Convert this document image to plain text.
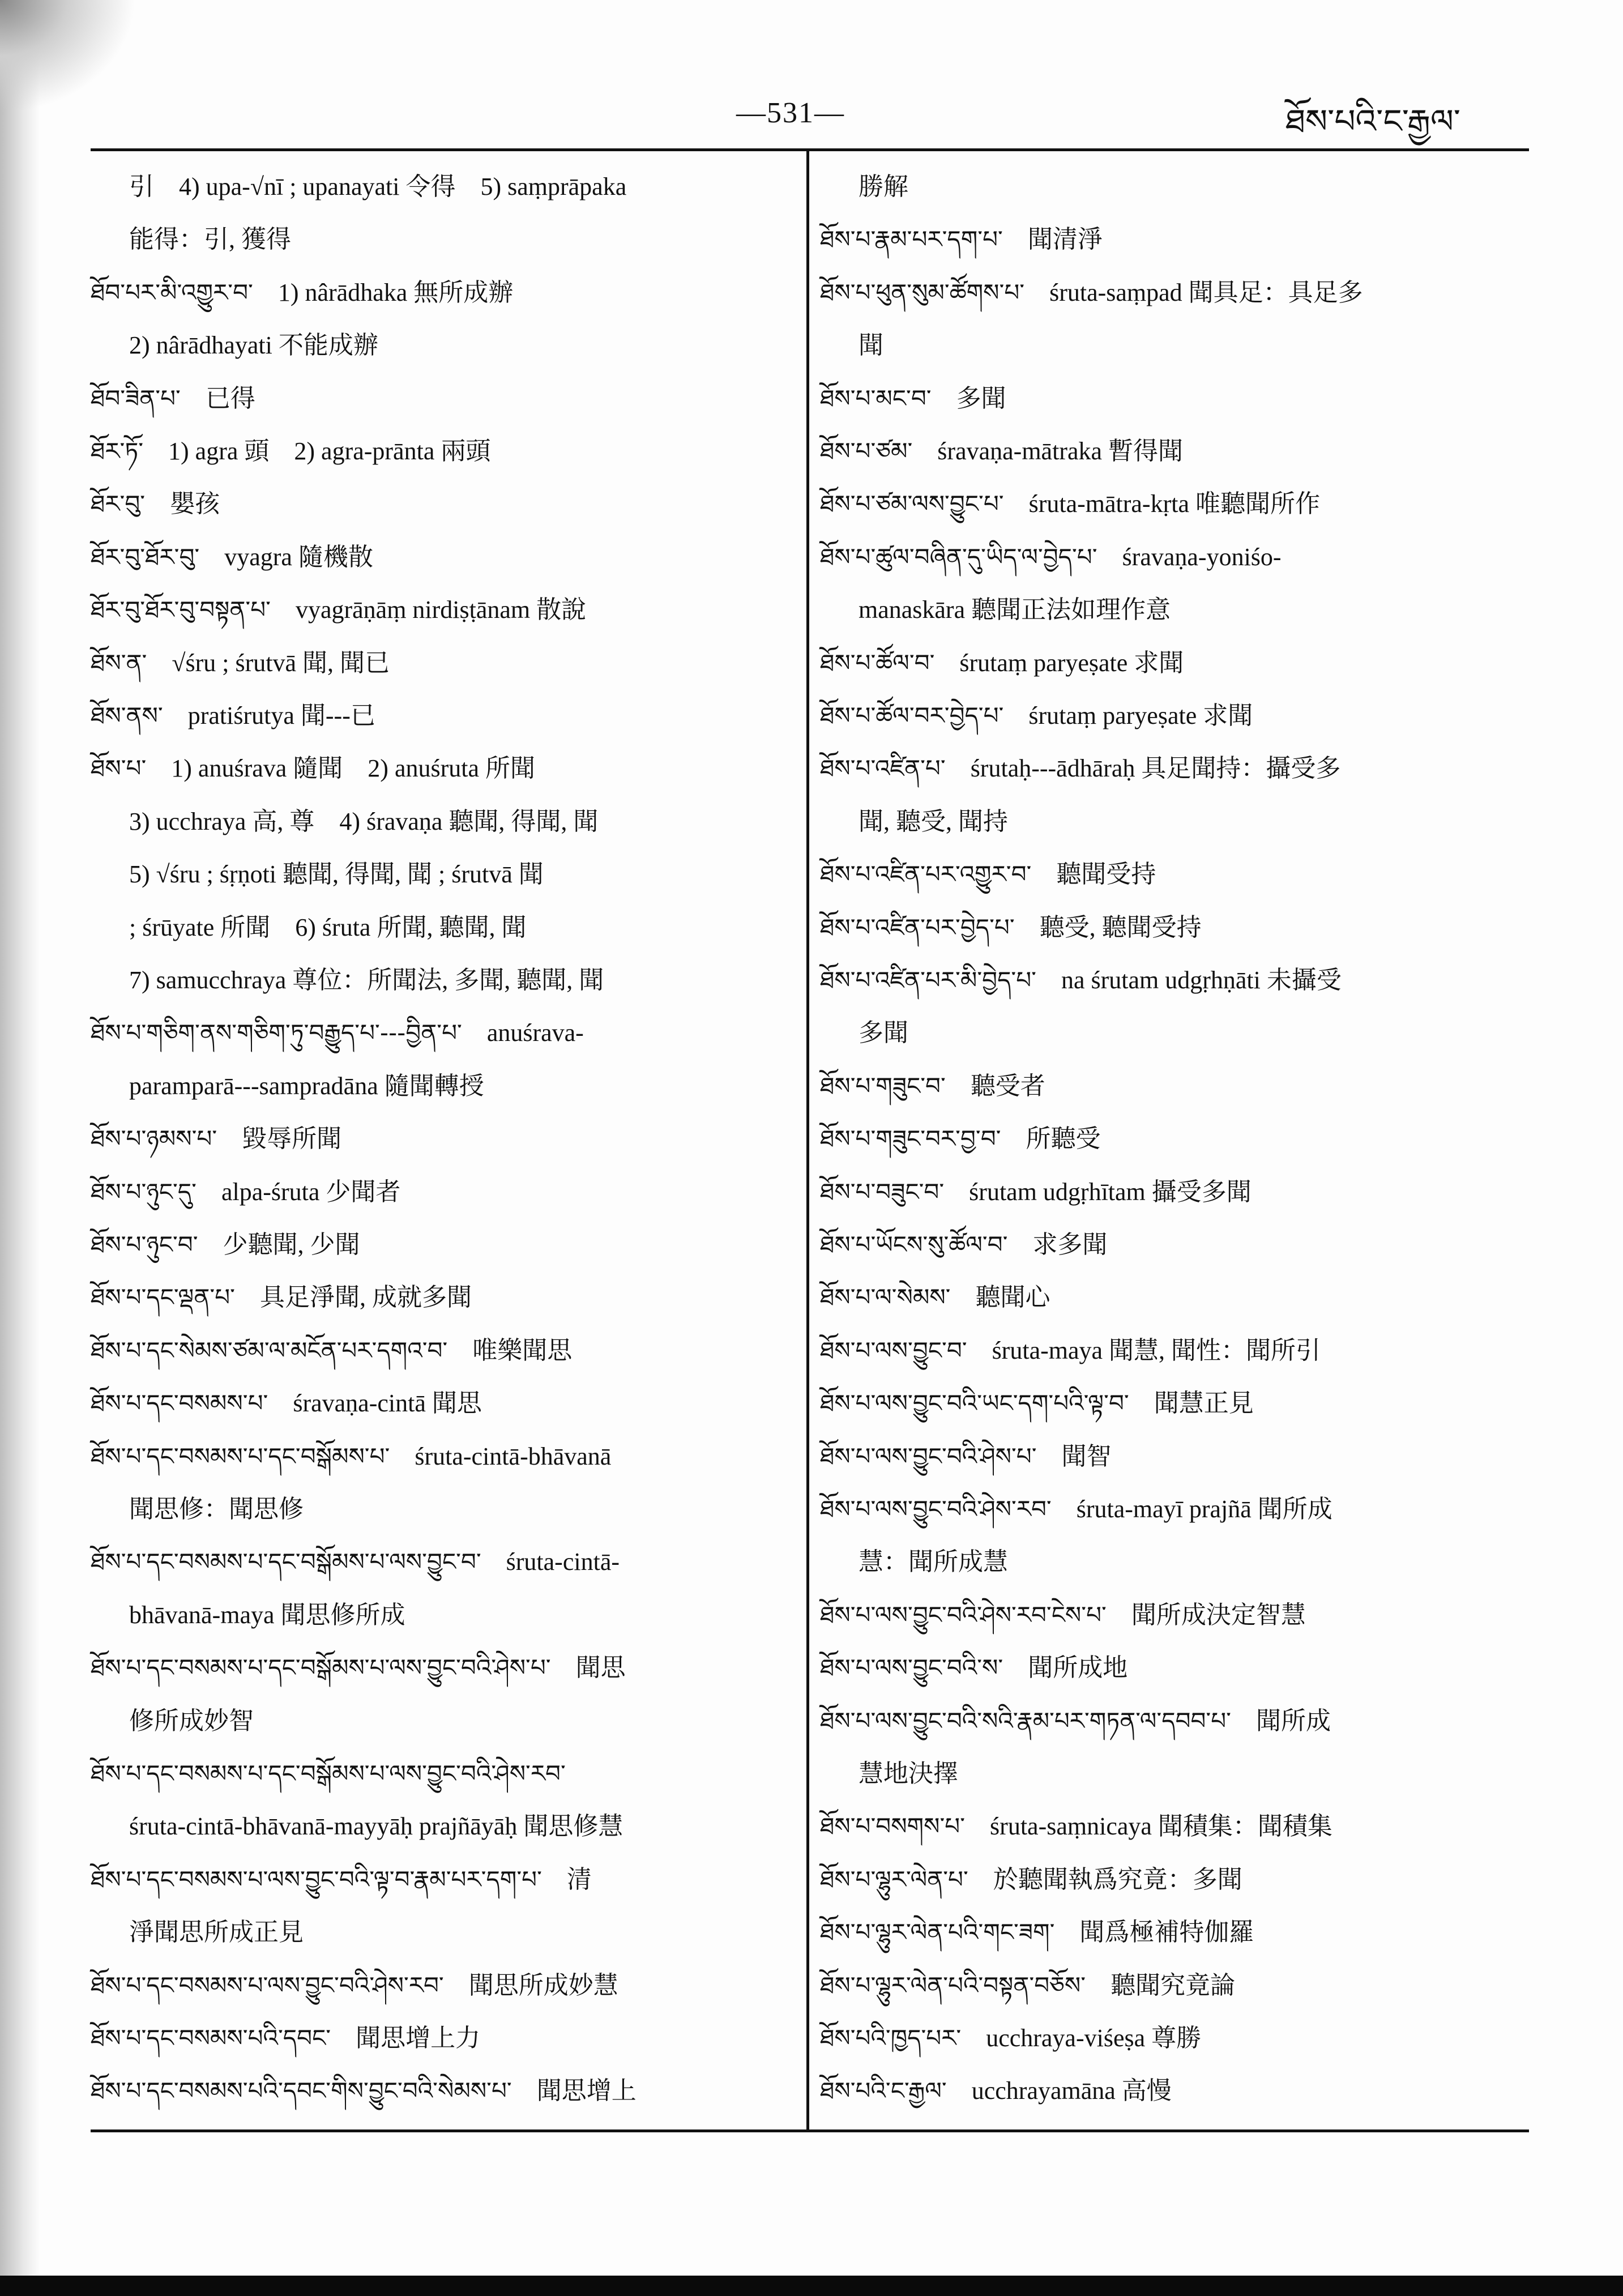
—531—	ཐོས་པའི་ང་རྒྱལ་
引　4) upa-√nī ; upanayati 令得　5) saṃprāpaka
能得：引, 獲得
ཐོབ་པར་མི་འགྱུར་བ་ 1) nârādhaka 無所成辦
2) nârādhayati 不能成辦
ཐོབ་ཟིན་པ་ 已得
ཐོར་ཏོ་ 1) agra 頭　2) agra-prānta 兩頭
ཐོར་བུ་ 嬰孩
ཐོར་བུ་ཐོར་བུ་ vyagra 隨機散
ཐོར་བུ་ཐོར་བུ་བསྟན་པ་ vyagrāṇāṃ nirdiṣṭānam 散說
ཐོས་ན་ √śru ; śrutvā 聞, 聞已
ཐོས་ནས་ pratiśrutya 聞---已
ཐོས་པ་ 1) anuśrava 隨聞　2) anuśruta 所聞
3) ucchraya 高, 尊　4) śravaṇa 聽聞, 得聞, 聞
5) √śru ; śṛṇoti 聽聞, 得聞, 聞 ; śrutvā 聞
; śrūyate 所聞　6) śruta 所聞, 聽聞, 聞
7) samucchraya 尊位：所聞法, 多聞, 聽聞, 聞
ཐོས་པ་གཅིག་ནས་གཅིག་ཏུ་བརྒྱུད་པ་---བྱིན་པ་ anuśrava-
paramparā---sampradāna 隨聞轉授
ཐོས་པ་ཉམས་པ་ 毀辱所聞
ཐོས་པ་ཉུང་དུ་ alpa-śruta 少聞者
ཐོས་པ་ཉུང་བ་ 少聽聞, 少聞
ཐོས་པ་དང་ལྡན་པ་ 具足淨聞, 成就多聞
ཐོས་པ་དང་སེམས་ཙམ་ལ་མངོན་པར་དགའ་བ་ 唯樂聞思
ཐོས་པ་དང་བསམས་པ་ śravaṇa-cintā 聞思
ཐོས་པ་དང་བསམས་པ་དང་བསྒོམས་པ་ śruta-cintā-bhāvanā
聞思修：聞思修
ཐོས་པ་དང་བསམས་པ་དང་བསྒོམས་པ་ལས་བྱུང་བ་ śruta-cintā-
bhāvanā-maya 聞思修所成
ཐོས་པ་དང་བསམས་པ་དང་བསྒོམས་པ་ལས་བྱུང་བའི་ཤེས་པ་ 聞思
修所成妙智
ཐོས་པ་དང་བསམས་པ་དང་བསྒོམས་པ་ལས་བྱུང་བའི་ཤེས་རབ་
śruta-cintā-bhāvanā-mayyāḥ prajñāyāḥ 聞思修慧
ཐོས་པ་དང་བསམས་པ་ལས་བྱུང་བའི་ལྟ་བ་རྣམ་པར་དག་པ་ 清
淨聞思所成正見
ཐོས་པ་དང་བསམས་པ་ལས་བྱུང་བའི་ཤེས་རབ་ 聞思所成妙慧
ཐོས་པ་དང་བསམས་པའི་དབང་ 聞思增上力
ཐོས་པ་དང་བསམས་པའི་དབང་གིས་བྱུང་བའི་སེམས་པ་ 聞思增上
勝解
ཐོས་པ་རྣམ་པར་དག་པ་ 聞清淨
ཐོས་པ་ཕུན་སུམ་ཚོགས་པ་ śruta-saṃpad 聞具足：具足多
聞
ཐོས་པ་མང་བ་ 多聞
ཐོས་པ་ཙམ་ śravaṇa-mātraka 暫得聞
ཐོས་པ་ཙམ་ལས་བྱུང་པ་ śruta-mātra-kṛta 唯聽聞所作
ཐོས་པ་ཚུལ་བཞིན་དུ་ཡིད་ལ་བྱེད་པ་ śravaṇa-yoniśo-
manaskāra 聽聞正法如理作意
ཐོས་པ་ཚོལ་བ་ śrutaṃ paryeṣate 求聞
ཐོས་པ་ཚོལ་བར་བྱེད་པ་ śrutaṃ paryeṣate 求聞
ཐོས་པ་འཛིན་པ་ śrutaḥ---ādhāraḥ 具足聞持：攝受多
聞, 聽受, 聞持
ཐོས་པ་འཛིན་པར་འགྱུར་བ་ 聽聞受持
ཐོས་པ་འཛིན་པར་བྱེད་པ་ 聽受, 聽聞受持
ཐོས་པ་འཛིན་པར་མི་བྱེད་པ་ na śrutam udgṛhṇāti 未攝受
多聞
ཐོས་པ་གཟུང་བ་ 聽受者
ཐོས་པ་གཟུང་བར་བྱ་བ་ 所聽受
ཐོས་པ་བཟུང་བ་ śrutam udgṛhītam 攝受多聞
ཐོས་པ་ཡོངས་སུ་ཚོལ་བ་ 求多聞
ཐོས་པ་ལ་སེམས་ 聽聞心
ཐོས་པ་ལས་བྱུང་བ་ śruta-maya 聞慧, 聞性：聞所引
ཐོས་པ་ལས་བྱུང་བའི་ཡང་དག་པའི་ལྟ་བ་ 聞慧正見
ཐོས་པ་ལས་བྱུང་བའི་ཤེས་པ་ 聞智
ཐོས་པ་ལས་བྱུང་བའི་ཤེས་རབ་ śruta-mayī prajñā 聞所成
慧：聞所成慧
ཐོས་པ་ལས་བྱུང་བའི་ཤེས་རབ་ངེས་པ་ 聞所成決定智慧
ཐོས་པ་ལས་བྱུང་བའི་ས་ 聞所成地
ཐོས་པ་ལས་བྱུང་བའི་སའི་རྣམ་པར་གཏན་ལ་དབབ་པ་ 聞所成
慧地決擇
ཐོས་པ་བསགས་པ་ śruta-saṃnicaya 聞積集：聞積集
ཐོས་པ་ལྷུར་ལེན་པ་ 於聽聞執爲究竟：多聞
ཐོས་པ་ལྷུར་ལེན་པའི་གང་ཟག་ 聞爲極補特伽羅
ཐོས་པ་ལྷུར་ལེན་པའི་བསྟན་བཅོས་ 聽聞究竟論
ཐོས་པའི་ཁྱད་པར་ ucchraya-viśeṣa 尊勝
ཐོས་པའི་ང་རྒྱལ་ ucchrayamāna 高慢
